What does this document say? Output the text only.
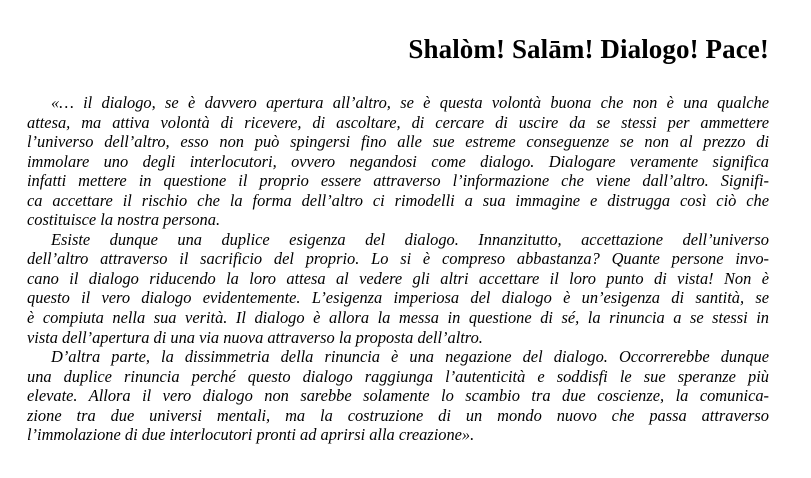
Shalòm! Salām! Dialogo! Pace!
«… il dialogo, se è davvero apertura all’altro, se è questa volontà buona che non è una qualche
attesa, ma attiva volontà di ricevere, di ascoltare, di cercare di uscire da se stessi per ammettere
l’universo dell’altro, esso non può spingersi fino alle sue estreme conseguenze se non al prezzo di
immolare uno degli interlocutori, ovvero negandosi come dialogo. Dialogare veramente significa
infatti mettere in questione il proprio essere attraverso l’informazione che viene dall’altro. Signifi-
ca accettare il rischio che la forma dell’altro ci rimodelli a sua immagine e distrugga così ciò che
costituisce la nostra persona.
Esiste dunque una duplice esigenza del dialogo. Innanzitutto, accettazione dell’universo
dell’altro attraverso il sacrificio del proprio. Lo si è compreso abbastanza? Quante persone invo-
cano il dialogo riducendo la loro attesa al vedere gli altri accettare il loro punto di vista! Non è
questo il vero dialogo evidentemente. L’esigenza imperiosa del dialogo è un’esigenza di santità, se
è compiuta nella sua verità. Il dialogo è allora la messa in questione di sé, la rinuncia a se stessi in
vista dell’apertura di una via nuova attraverso la proposta dell’altro.
D’altra parte, la dissimmetria della rinuncia è una negazione del dialogo. Occorrerebbe dunque
una duplice rinuncia perché questo dialogo raggiunga l’autenticità e soddisfi le sue speranze più
elevate. Allora il vero dialogo non sarebbe solamente lo scambio tra due coscienze, la comunica-
zione tra due universi mentali, ma la costruzione di un mondo nuovo che passa attraverso
l’immolazione di due interlocutori pronti ad aprirsi alla creazione».
